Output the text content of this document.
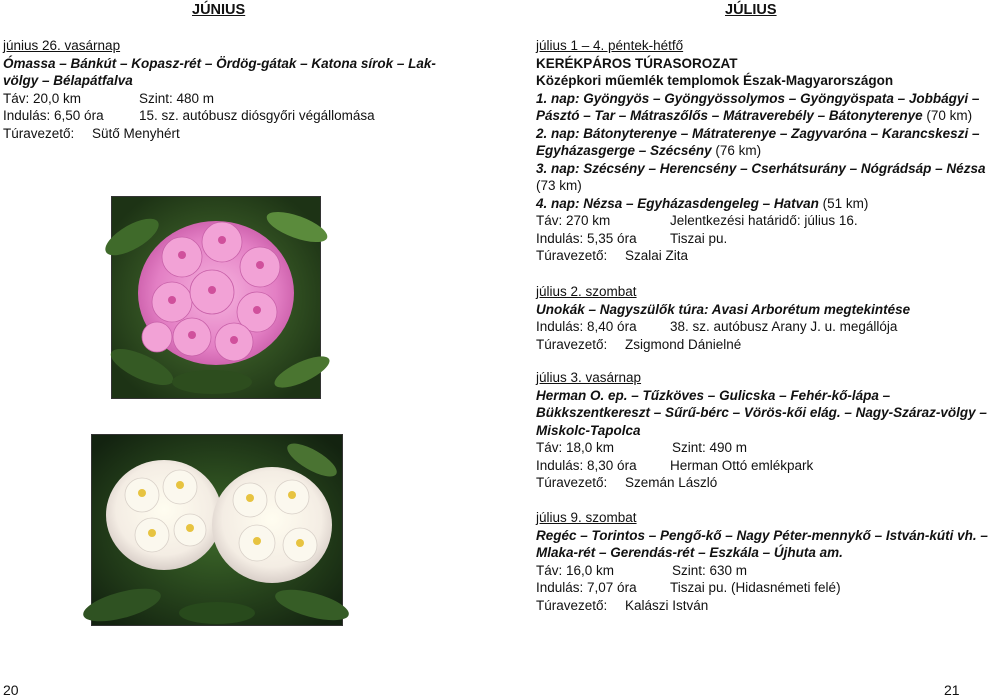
JÚNIUS
június 26. vasárnap
Ómassa – Bánkút – Kopasz-rét – Ördög-gátak – Katona sírok – Lak-
völgy – Bélapátfalva
Táv: 20,0 km	Szint: 480 m
Indulás: 6,50 óra	15. sz. autóbusz diósgyőri végállomása
Túravezető: Sütő Menyhért
20
JÚLIUS
július 1 – 4. péntek-hétfő
KERÉKPÁROS TÚRASOROZAT
Középkori műemlék templomok Észak-Magyarországon
1. nap: Gyöngyös – Gyöngyössolymos – Gyöngyöspata – Jobbágyi –
Pásztó – Tar – Mátraszőlős – Mátraverebély – Bátonyterenye (70 km)
2. nap: Bátonyterenye – Mátraterenye – Zagyvaróna – Karancskeszi –
Egyházasgerge – Szécsény (76 km)
3. nap: Szécsény – Herencsény – Cserhátsurány – Nógrádsáp – Nézsa
(73 km)
4. nap: Nézsa – Egyházasdengeleg – Hatvan (51 km)
Táv: 270 km	Jelentkezési határidő: július 16.
Indulás: 5,35 óra Tiszai pu.
Túravezető: Szalai Zita
július 2. szombat
Unokák – Nagyszülők túra: Avasi Arborétum megtekintése
Indulás: 8,40 óra 38. sz. autóbusz Arany J. u. megállója
Túravezető: Zsigmond Dánielné
július 3. vasárnap
Herman O. ep. – Tűzköves – Gulicska – Fehér-kő-lápa –
Bükkszentkereszt – Sűrű-bérc – Vörös-kői elág. – Nagy-Száraz-völgy –
Miskolc-Tapolca
Táv: 18,0 km	Szint: 490 m
Indulás: 8,30 óra Herman Ottó emlékpark
Túravezető: Szemán László
július 9. szombat
Regéc – Torintos – Pengő-kő – Nagy Péter-mennykő – István-kúti vh. –
Mlaka-rét – Gerendás-rét – Eszkála – Újhuta am.
Táv: 16,0 km	Szint: 630 m
Indulás: 7,07 óra Tiszai pu. (Hidasnémeti felé)
Túravezető: Kalászi István
21
